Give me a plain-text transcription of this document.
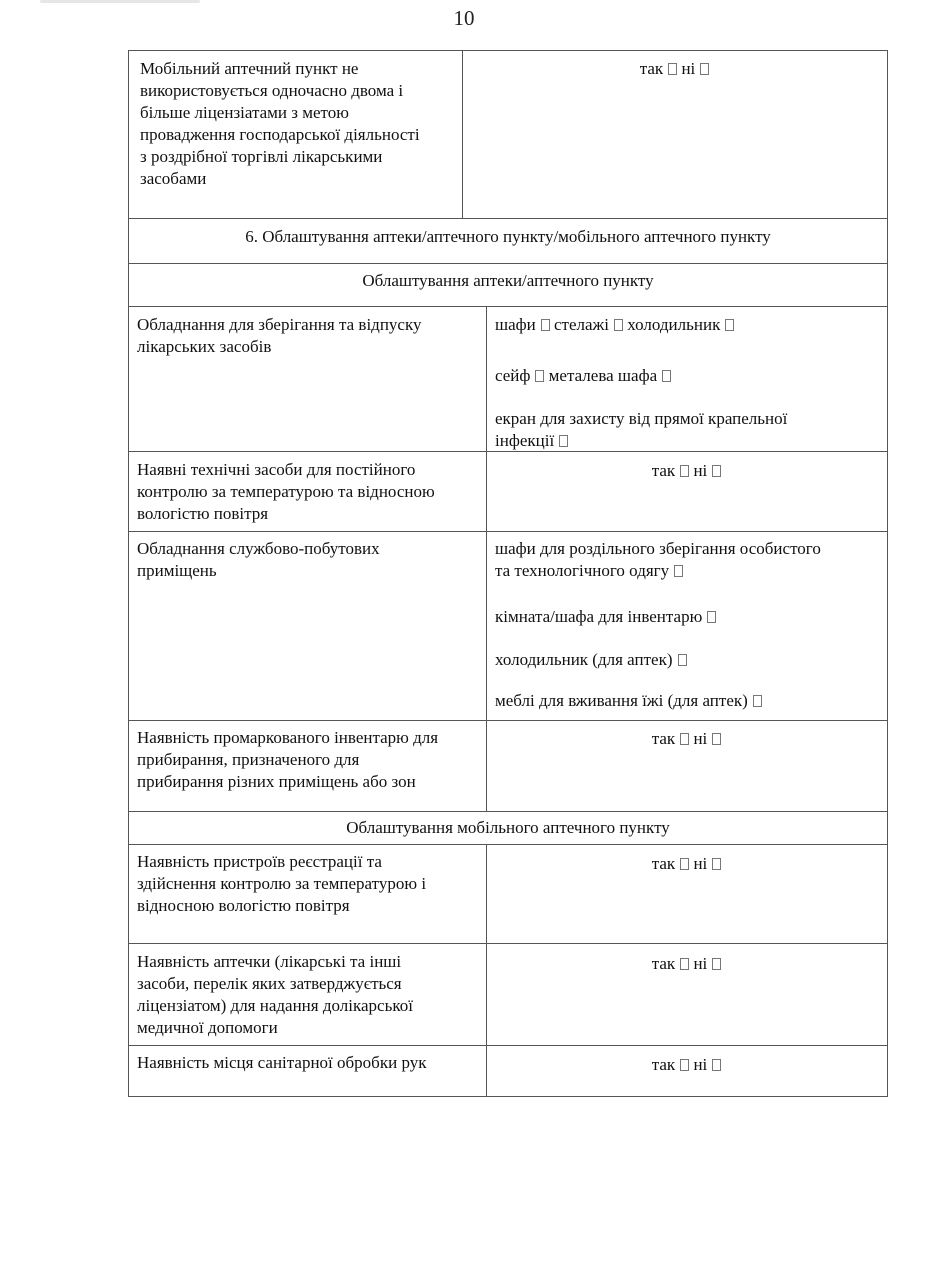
10
Мобільний аптечний пункт не
використовується одночасно двома і
більше ліцензіатами з метою
провадження господарської діяльності
з роздрібної торгівлі лікарськими
засобами
так ні
6. Облаштування аптеки/аптечного пункту/мобільного аптечного пункту
Облаштування аптеки/аптечного пункту
Обладнання для зберігання та відпуску
лікарських засобів
шафи стелажі холодильник
сейф металева шафа
екран для захисту від прямої крапельної
інфекції
Наявні технічні засоби для постійного
контролю за температурою та відносною
вологістю повітря
так ні
Обладнання службово-побутових
приміщень
шафи для роздільного зберігання особистого
та технологічного одягу
кімната/шафа для інвентарю
холодильник (для аптек)
меблі для вживання їжі (для аптек)
Наявність промаркованого інвентарю для
прибирання, призначеного для
прибирання різних приміщень або зон
так ні
Облаштування мобільного аптечного пункту
Наявність пристроїв реєстрації та
здійснення контролю за температурою і
відносною вологістю повітря
так ні
Наявність аптечки (лікарські та інші
засоби, перелік яких затверджується
ліцензіатом) для надання долікарської
медичної допомоги
так ні
Наявність місця санітарної обробки рук	так ні
